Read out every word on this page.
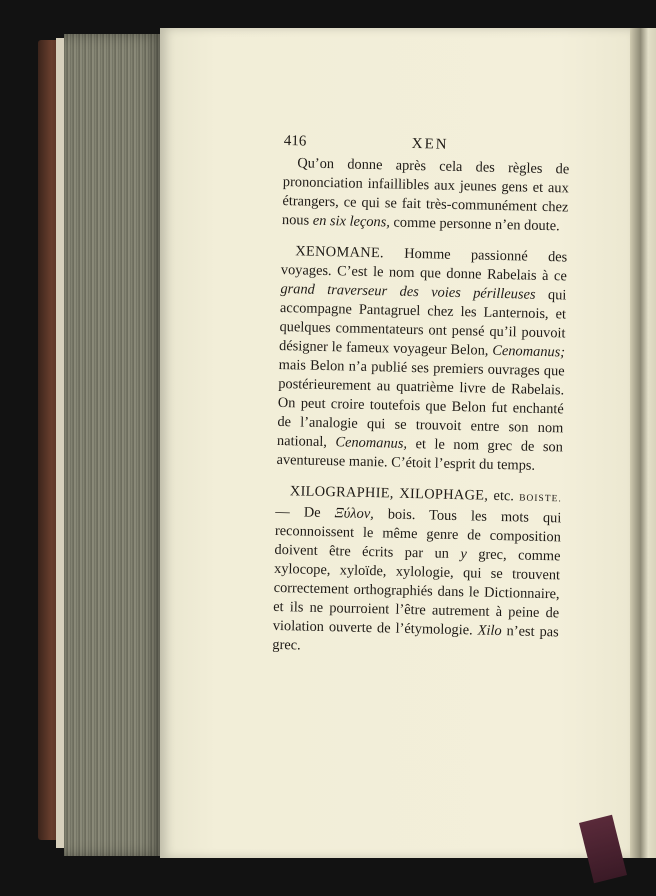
416	XEN

Qu’on donne après cela des règles de prononciation infaillibles aux jeunes gens et aux étrangers, ce qui se fait très-communément chez nous en six leçons, comme personne n’en doute.

XENOMANE. Homme passionné des voyages. C’est le nom que donne Rabelais à ce grand traverseur des voies périlleuses qui accompagne Pantagruel chez les Lanternois, et quelques commentateurs ont pensé qu’il pouvoit désigner le fameux voyageur Belon, Cenomanus; mais Belon n’a publié ses premiers ouvrages que postérieurement au quatrième livre de Rabelais. On peut croire toutefois que Belon fut enchanté de l’analogie qui se trouvoit entre son nom national, Cenomanus, et le nom grec de son aventureuse manie. C’étoit l’esprit du temps.

XILOGRAPHIE, XILOPHAGE, etc. BOISTE. — De Ξύλον, bois. Tous les mots qui reconnoissent le même genre de composition doivent être écrits par un y grec, comme xylocope, xyloïde, xylologie, qui se trouvent correctement orthographiés dans le Dictionnaire, et ils ne pourroient l’être autrement à peine de violation ouverte de l’étymologie. Xilo n’est pas grec.
